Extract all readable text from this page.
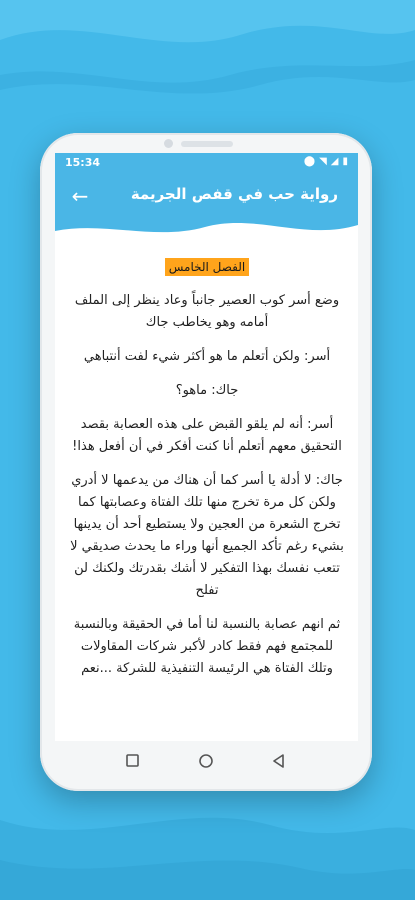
15:34	⬤ ◥ ◢ ▮
←	رواية حب في قفص الجريمة
الفصل الخامس

وضع أسر كوب العصير جانباً وعاد ينظر إلى الملف أمامه وهو يخاطب جاك

أسر: ولكن أتعلم ما هو أكثر شيء لفت أنتباهي

جاك: ماهو؟

أسر: أنه لم يلقو القبض على هذه العصابة بقصد التحقيق معهم أتعلم أنا كنت أفكر في أن أفعل هذا!

جاك: لا أدلة يا أسر كما أن هناك من يدعمها لا أدري ولكن كل مرة تخرج منها تلك الفتاة وعصابتها كما تخرج الشعرة من العجين ولا يستطيع أحد أن يدينها بشيء رغم تأكد الجميع أنها وراء ما يحدث صديقي لا تتعب نفسك بهذا التفكير لا أشك بقدرتك ولكنك لن تفلح

ثم انهم عصابة بالنسبة لنا أما في الحقيقة وبالنسبة للمجتمع فهم فقط كادر لأكبر شركات المقاولات وتلك الفتاة هي الرئيسة التنفيذية للشركة ...نعم
